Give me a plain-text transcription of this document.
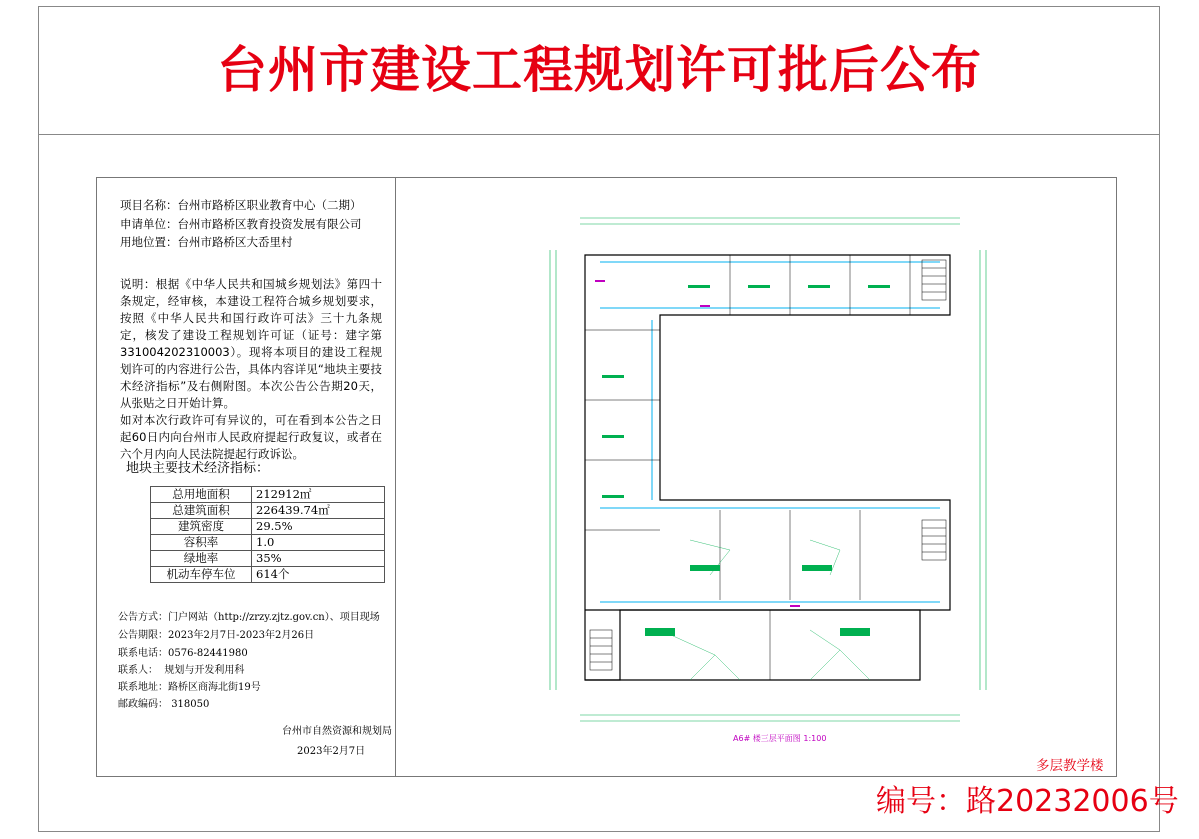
台州市建设工程规划许可批后公布
项目名称：台州市路桥区职业教育中心（二期）
申请单位：台州市路桥区教育投资发展有限公司
用地位置：台州市路桥区大岙里村

说明：根据《中华人民共和国城乡规划法》第四十条规定，经审核，本建设工程符合城乡规划要求，按照《中华人民共和国行政许可法》三十九条规定，核发了建设工程规划许可证（证号：建字第331004202310003）。现将本项目的建设工程规划许可的内容进行公告，具体内容详见“地块主要技术经济指标”及右侧附图。本次公告公告期20天，从张贴之日开始计算。

如对本次行政许可有异议的，可在看到本公告之日起60日内向台州市人民政府提起行政复议，或者在六个月内向人民法院提起行政诉讼。

地块主要技术经济指标：
总用地面积	212912㎡
总建筑面积	226439.74㎡
建筑密度	29.5%
容积率	1.0
绿地率	35%
机动车停车位	614个
公告方式：门户网站（http://zrzy.zjtz.gov.cn）、项目现场
公告期限：2023年2月7日-2023年2月26日
联系电话：0576-82441980
联系人： 规划与开发利用科
联系地址：路桥区商海北街19号
邮政编码： 318050
台州市自然资源和规划局
2023年2月7日
A6# 楼三层平面图 1:100
多层教学楼
编号：路20232006号
